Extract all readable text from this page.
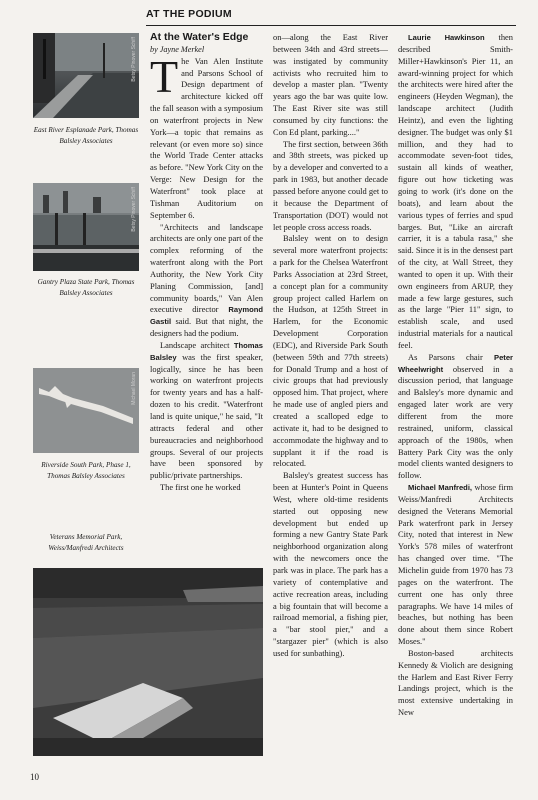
AT THE PODIUM
Betsy Pinover Schiff
East River Esplanade Park, Thomas Balsley Associates
Betsy Pinover Schiff
Gantry Plaza State Park, Thomas Balsley Associates
Michael Moran
Riverside South Park, Phase 1, Thomas Balsley Associates
Veterans Memorial Park, Weiss/Manfredi Architects

At the Water's Edge

by Jayne Merkel

The Van Alen Institute and Parsons School of Design department of architecture kicked off the fall season with a symposium on waterfront projects in New York—a topic that remains as relevant (or even more so) since the World Trade Center attacks as before. "New York City on the Verge: New Design for the Waterfront" took place at Tishman Auditorium on September 6.

"Architects and landscape architects are only one part of the complex reforming of the waterfront along with the Port Authority, the New York City Planing Commission, [and] community boards," Van Alen executive director Raymond Gastil said. But that night, the designers had the podium.

Landscape architect Thomas Balsley was the first speaker, logically, since he has been working on waterfront projects for twenty years and has a half-dozen to his credit. "Waterfront land is quite unique," he said, "It attracts federal and other bureaucracies and neighborhood groups. Several of our projects have been sponsored by public/private partnerships.

The first one he worked

on—along the East River between 34th and 43rd streets—was instigated by community activists who recruited him to develop a master plan. "Twenty years ago the bar was quite low. The East River site was still consumed by city functions: the Con Ed plant, parking...."

The first section, between 36th and 38th streets, was picked up by a developer and converted to a park in 1983, but another decade passed before anyone could get to it because the Department of Transportation (DOT) would not let people cross access roads.

Balsley went on to design several more waterfront projects: a park for the Chelsea Waterfront Parks Association at 23rd Street, a concept plan for a community group project called Harlem on the Hudson, at 125th Street in Harlem, for the Economic Development Corporation (EDC), and Riverside Park South (between 59th and 77th streets) for Donald Trump and a host of civic groups that had previously opposed him. That project, where he made use of angled piers and created a scalloped edge to activate it, had to be designed to accommodate the highway and to supplant it if the road is relocated.

Balsley's greatest success has been at Hunter's Point in Queens West, where old-time residents started out opposing new development but ended up forming a new Gantry State Park neighborhood organization along with the newcomers once the park was in place. The park has a variety of contemplative and active recreation areas, including a big fountain that will become a railroad memorial, a fishing pier, a "bar stool pier," and a "stargazer pier" (which is also used for sunbathing).

Laurie Hawkinson then described Smith-Miller+Hawkinson's Pier 11, an award-winning project for which the architects were hired after the engineers (Heyden Wegman), the landscape architect (Judith Heintz), and even the lighting designer. The budget was only $1 million, and they had to accommodate seven-foot tides, sustain all kinds of weather, figure out how ticketing was going to work (it's done on the boats), and learn about the various types of ferries and spud barges. But, "Like an aircraft carrier, it is a tabula rasa," she said. Since it is in the densest part of the city, at Wall Street, they wanted to open it up. With their own engineers from ARUP, they made a few large gestures, such as the large "Pier 11" sign, to establish scale, and used industrial materials for a nautical feel.

As Parsons chair Peter Wheelwright observed in a discussion period, that language and Balsley's more dynamic and engaged later work are very different from the more restrained, uniform, classical approach of the 1980s, when Battery Park City was the only model clients wanted designers to follow.

Michael Manfredi, whose firm Weiss/Manfredi Architects designed the Veterans Memorial Park waterfront park in Jersey City, noted that interest in New York's 578 miles of waterfront has changed over time. "The Michelin guide from 1970 has 73 pages on the waterfront. The current one has only three paragraphs. We have 14 miles of beaches, but nothing has been done about them since Robert Moses."

Boston-based architects Kennedy & Violich are designing the Harlem and East River Ferry Landings project, which is the most extensive undertaking in New

10
